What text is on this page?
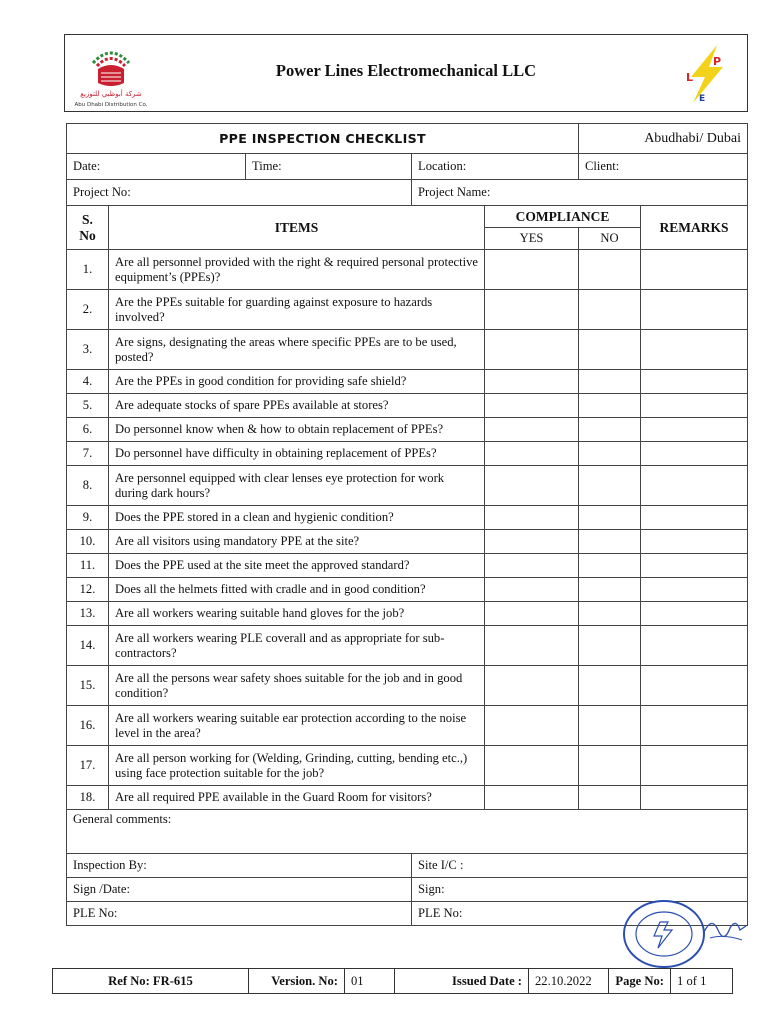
شركة أبوظبي للتوزيع
Abu Dhabi Distribution Co.
Power Lines Electromechanical LLC	L
P
E
PPE INSPECTION CHECKLIST					Abudhabi/ Dubai	
Date:		Time:	Location:		Client:	
Project No:			Project Name:			
S. No	ITEMS			COMPLIANCE		REMARKS
				YES	NO	
1.	Are all personnel provided with the right & required personal protective equipment’s (PPEs)?					
2.	Are the PPEs suitable for guarding against exposure to hazards involved?					
3.	Are signs, designating the areas where specific PPEs are to be used, posted?					
4.	Are the PPEs in good condition for providing safe shield?					
5.	Are adequate stocks of spare PPEs available at stores?					
6.	Do personnel know when & how to obtain replacement of PPEs?					
7.	Do personnel have difficulty in obtaining replacement of PPEs?					
8.	Are personnel equipped with clear lenses eye protection for work during dark hours?					
9.	Does the PPE stored in a clean and hygienic condition?					
10.	Are all visitors using mandatory PPE at the site?					
11.	Does the PPE used at the site meet the approved standard?					
12.	Does all the helmets fitted with cradle and in good condition?					
13.	Are all workers wearing suitable hand gloves for the job?					
14.	Are all workers wearing PLE coverall and as appropriate for sub-contractors?					
15.	Are all the persons wear safety shoes suitable for the job and in good condition?					
16.	Are all workers wearing suitable ear protection according to the noise level in the area?					
17.	Are all person working for (Welding, Grinding, cutting, bending etc.,) using face protection suitable for the job?					
18.	Are all required PPE available in the Guard Room for visitors?					
General comments:						
Inspection By:			Site I/C :			
Sign /Date:			Sign:			
PLE No:			PLE No:			
Ref No: FR-615	Version. No:	01	Issued Date :	22.10.2022	Page No:	1 of 1
